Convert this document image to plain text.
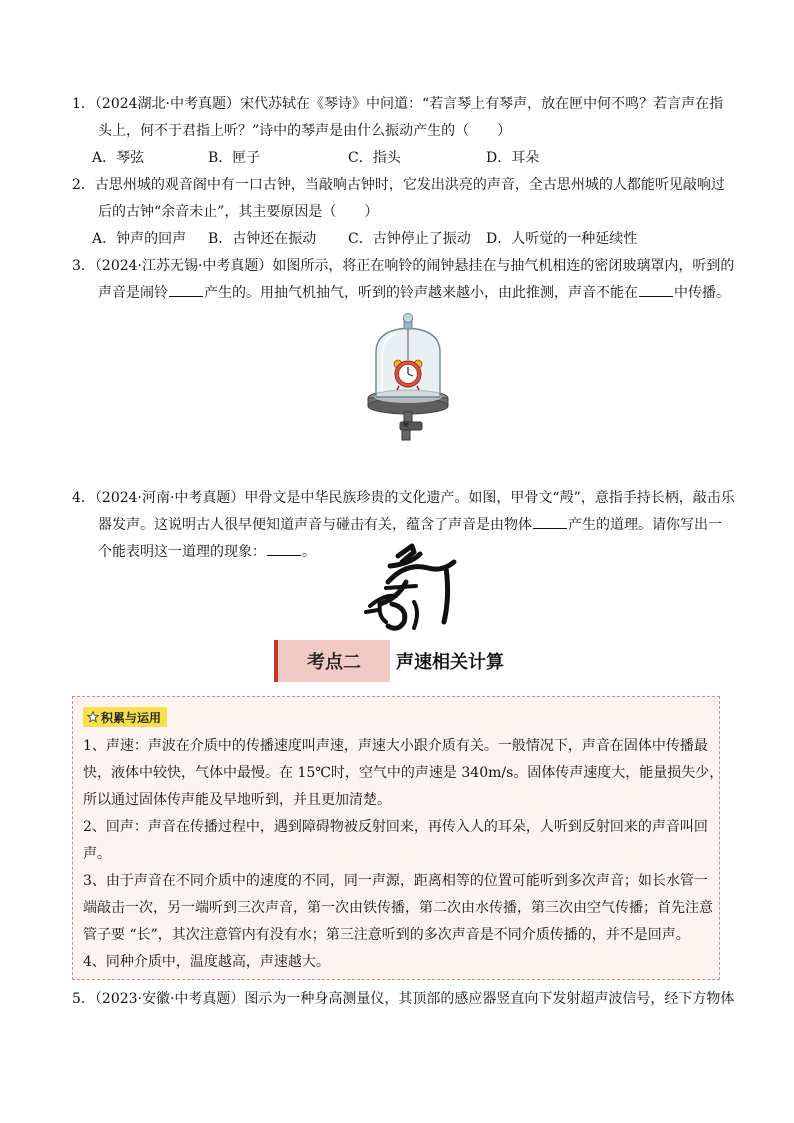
1．（2024湖北·中考真题）宋代苏轼在《琴诗》中问道：“若言琴上有琴声，放在匣中何不鸣？若言声在指
头上，何不于君指上听？”诗中的琴声是由什么振动产生的（　　）
A．琴弦	B．匣子	C．指头	D．耳朵
2．古思州城的观音阁中有一口古钟，当敲响古钟时，它发出洪亮的声音，全古思州城的人都能听见敲响过
后的古钟“余音未止”，其主要原因是（　　）
A．钟声的回声 B．古钟还在振动 C．古钟停止了振动 D．人听觉的一种延续性
3．（2024·江苏无锡·中考真题）如图所示，将正在响铃的闹钟悬挂在与抽气机相连的密闭玻璃罩内，听到的
声音是闹铃	产生的。用抽气机抽气，听到的铃声越来越小，由此推测，声音不能在	中传播。
4．（2024·河南·中考真题）甲骨文是中华民族珍贵的文化遗产。如图，甲骨文“殸”，意指手持长柄，敲击乐
器发声。这说明古人很早便知道声音与碰击有关，蕴含了声音是由物体	产生的道理。请你写出一
个能表明这一道理的现象：	。
考点二	声速相关计算
积累与运用
1、声速：声波在介质中的传播速度叫声速，声速大小跟介质有关。一般情况下，声音在固体中传播最
快，液体中较快，气体中最慢。在 15℃时，空气中的声速是 340m/s。固体传声速度大，能量损失少，
所以通过固体传声能及早地听到，并且更加清楚。
2、回声：声音在传播过程中，遇到障碍物被反射回来，再传入人的耳朵，人听到反射回来的声音叫回
声。
3、由于声音在不同介质中的速度的不同，同一声源，距离相等的位置可能听到多次声音；如长水管一
端敲击一次，另一端听到三次声音，第一次由铁传播，第二次由水传播，第三次由空气传播；首先注意
管子要 “长”，其次注意管内有没有水；第三注意听到的多次声音是不同介质传播的，并不是回声。
4、同种介质中，温度越高，声速越大。
5．（2023·安徽·中考真题）图示为一种身高测量仪，其顶部的感应器竖直向下发射超声波信号，经下方物体
